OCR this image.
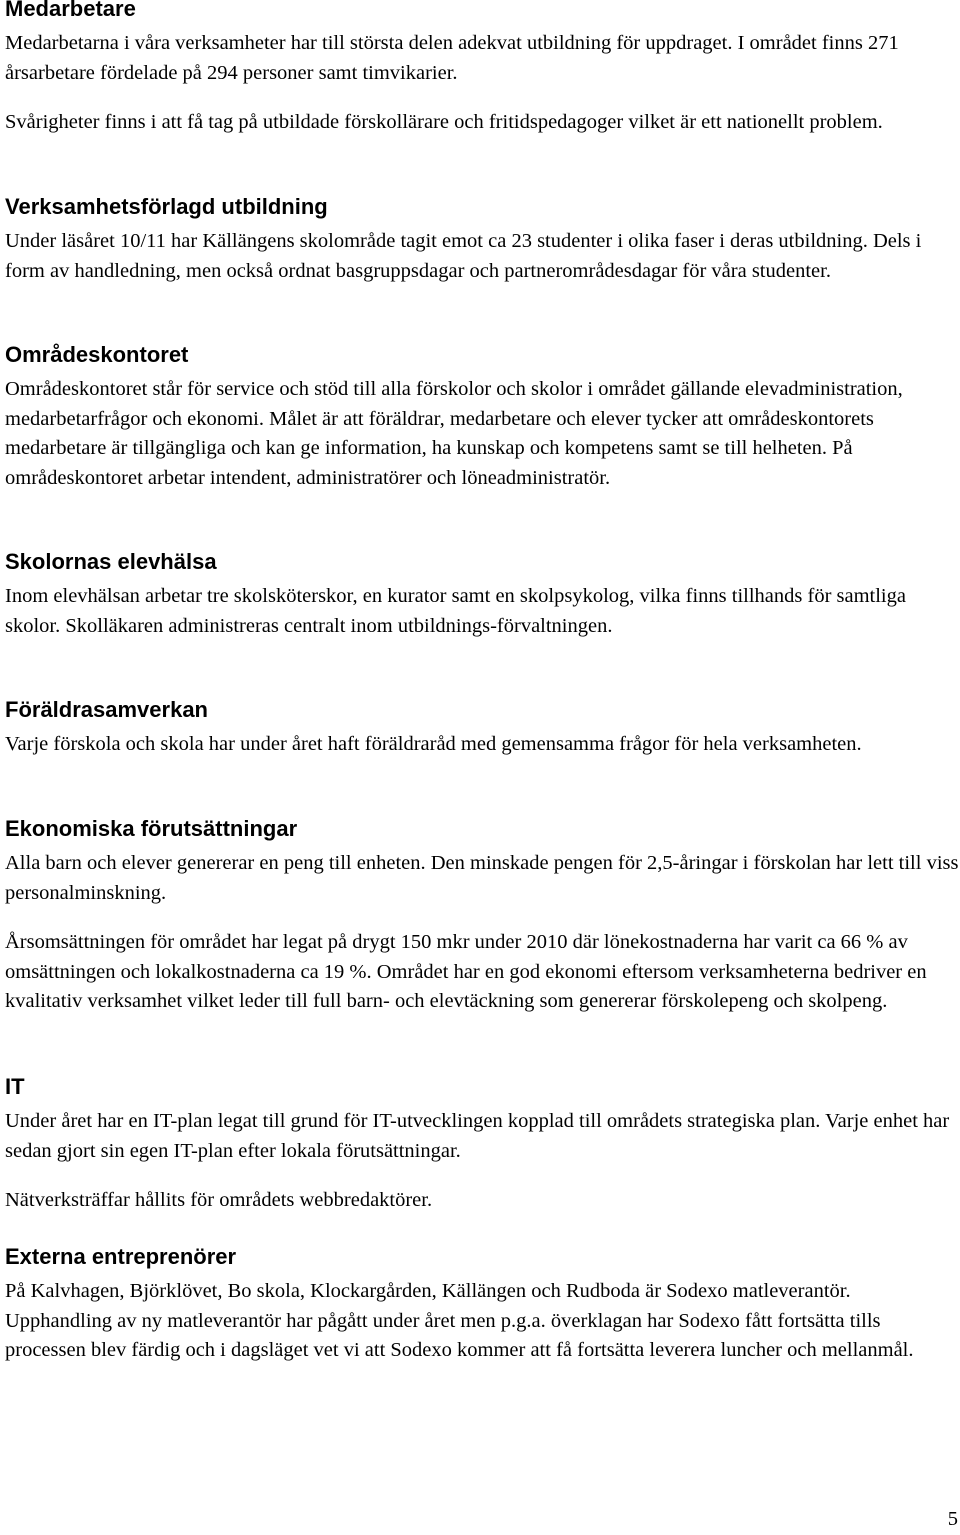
Medarbetare

Medarbetarna i våra verksamheter har till största delen adekvat utbildning för uppdraget. I området finns 271 årsarbetare fördelade på 294 personer samt timvikarier.

Svårigheter finns i att få tag på utbildade förskollärare och fritidspedagoger vilket är ett nationellt problem.

Verksamhetsförlagd utbildning

Under läsåret 10/11 har Källängens skolområde tagit emot ca 23 studenter i olika faser i deras utbildning. Dels i form av handledning, men också ordnat basgruppsdagar och partnerområdesdagar för våra studenter.

Områdeskontoret

Områdeskontoret står för service och stöd till alla förskolor och skolor i området gällande elevadministration, medarbetarfrågor och ekonomi. Målet är att föräldrar, medarbetare och elever tycker att områdeskontorets medarbetare är tillgängliga och kan ge information, ha kunskap och kompetens samt se till helheten. På områdeskontoret arbetar intendent, administratörer och löneadministratör.

Skolornas elevhälsa

Inom elevhälsan arbetar tre skolsköterskor, en kurator samt en skolpsykolog, vilka finns tillhands för samtliga skolor. Skolläkaren administreras centralt inom utbildnings-förvaltningen.

Föräldrasamverkan

Varje förskola och skola har under året haft föräldraråd med gemensamma frågor för hela verksamheten.

Ekonomiska förutsättningar

Alla barn och elever genererar en peng till enheten. Den minskade pengen för 2,5-åringar i förskolan har lett till viss personalminskning.

Årsomsättningen för området har legat på drygt 150 mkr under 2010 där lönekostnaderna har varit ca 66 % av omsättningen och lokalkostnaderna ca 19 %. Området har en god ekonomi eftersom verksamheterna bedriver en kvalitativ verksamhet vilket leder till full barn- och elevtäckning som genererar förskolepeng och skolpeng.

IT

Under året har en IT-plan legat till grund för IT-utvecklingen kopplad till områdets strategiska plan. Varje enhet har sedan gjort sin egen IT-plan efter lokala förutsättningar.

Nätverksträffar hållits för områdets webbredaktörer.

Externa entreprenörer

På Kalvhagen, Björklövet, Bo skola, Klockargården, Källängen och Rudboda är Sodexo matleverantör. Upphandling av ny matleverantör har pågått under året men p.g.a. överklagan har Sodexo fått fortsätta tills processen blev färdig och i dagsläget vet vi att Sodexo kommer att få fortsätta leverera luncher och mellanmål.

5
